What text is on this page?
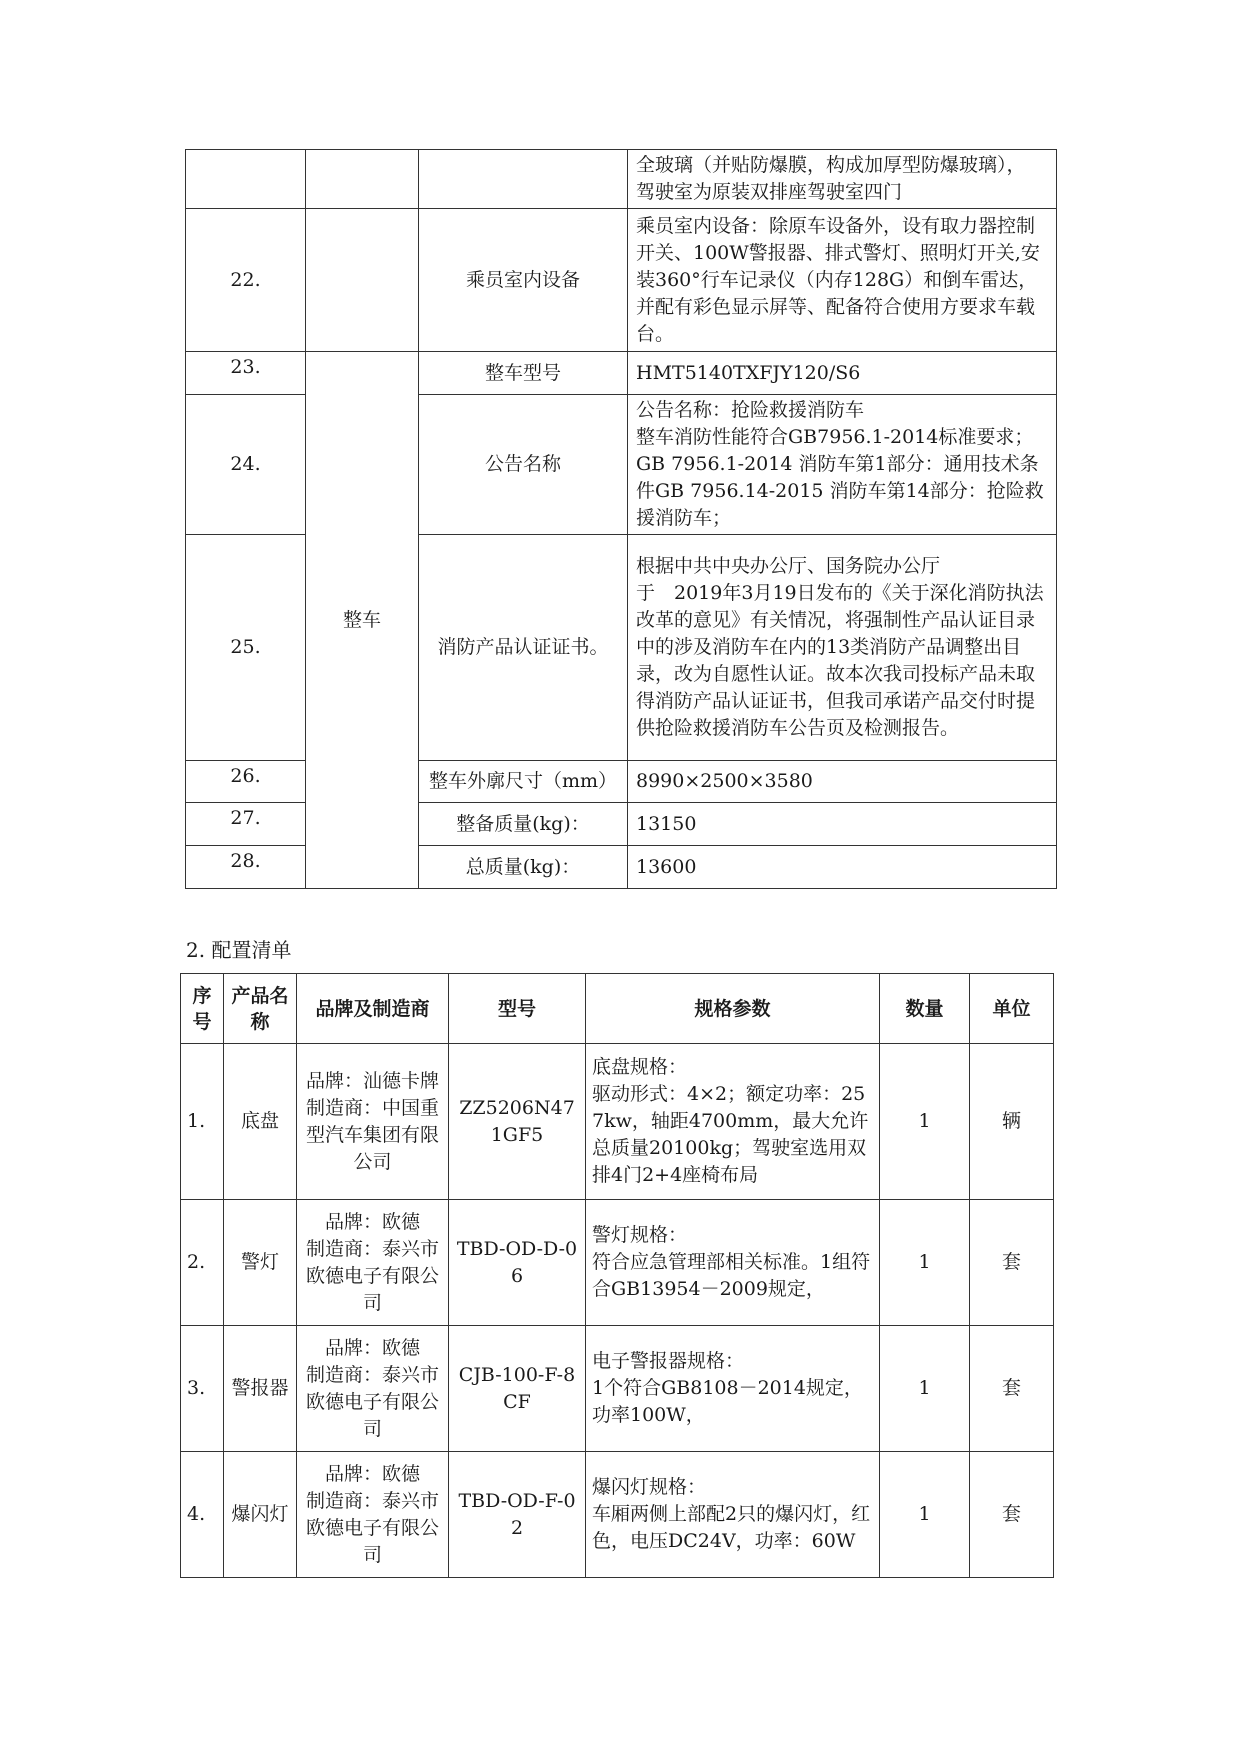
			全玻璃（并贴防爆膜，构成加厚型防爆玻璃）， 驾驶室为原装双排座驾驶室四门
22.		乘员室内设备	乘员室内设备：除原车设备外，设有取力器控制开关、100W警报器、排式警灯、照明灯开关,安装360°行车记录仪（内存128G）和倒车雷达，并配有彩色显示屏等、配备符合使用方要求车载台。
23.	整车	整车型号	HMT5140TXFJY120/S6
24.		公告名称	公告名称：抢险救援消防车
整车消防性能符合GB7956.1-2014标准要求；GB 7956.1-2014 消防车第1部分：通用技术条件GB 7956.14-2015 消防车第14部分：抢险救援消防车；
25.		消防产品认证证书。	根据中共中央办公厅、国务院办公厅
于　2019年3月19日发布的《关于深化消防执法改革的意见》有关情况，将强制性产品认证目录中的涉及消防车在内的13类消防产品调整出目录，改为自愿性认证。故本次我司投标产品未取得消防产品认证证书，但我司承诺产品交付时提供抢险救援消防车公告页及检测报告。
26.		整车外廓尺寸（mm）	8990×2500×3580
27.		整备质量(kg)：	13150
28.		总质量(kg)：	13600
2. 配置清单
序号	产品名称	品牌及制造商	型号	规格参数	数量	单位
1.	底盘	品牌：汕德卡牌
制造商：中国重型汽车集团有限公司	ZZ5206N471GF5	底盘规格：
驱动形式：4×2；额定功率：257kw，轴距4700mm，最大允许总质量20100kg；驾驶室选用双排4门2+4座椅布局	1	辆
2.	警灯	品牌：欧德
制造商：泰兴市欧德电子有限公司	TBD-OD-D-06	警灯规格：
符合应急管理部相关标准。1组符合GB13954－2009规定，	1	套
3.	警报器	品牌：欧德
制造商：泰兴市欧德电子有限公司	CJB-100-F-8CF	电子警报器规格：
1个符合GB8108－2014规定，功率100W，	1	套
4.	爆闪灯	品牌：欧德
制造商：泰兴市欧德电子有限公司	TBD-OD-F-02	爆闪灯规格：
车厢两侧上部配2只的爆闪灯，红色，电压DC24V，功率：60W	1	套
